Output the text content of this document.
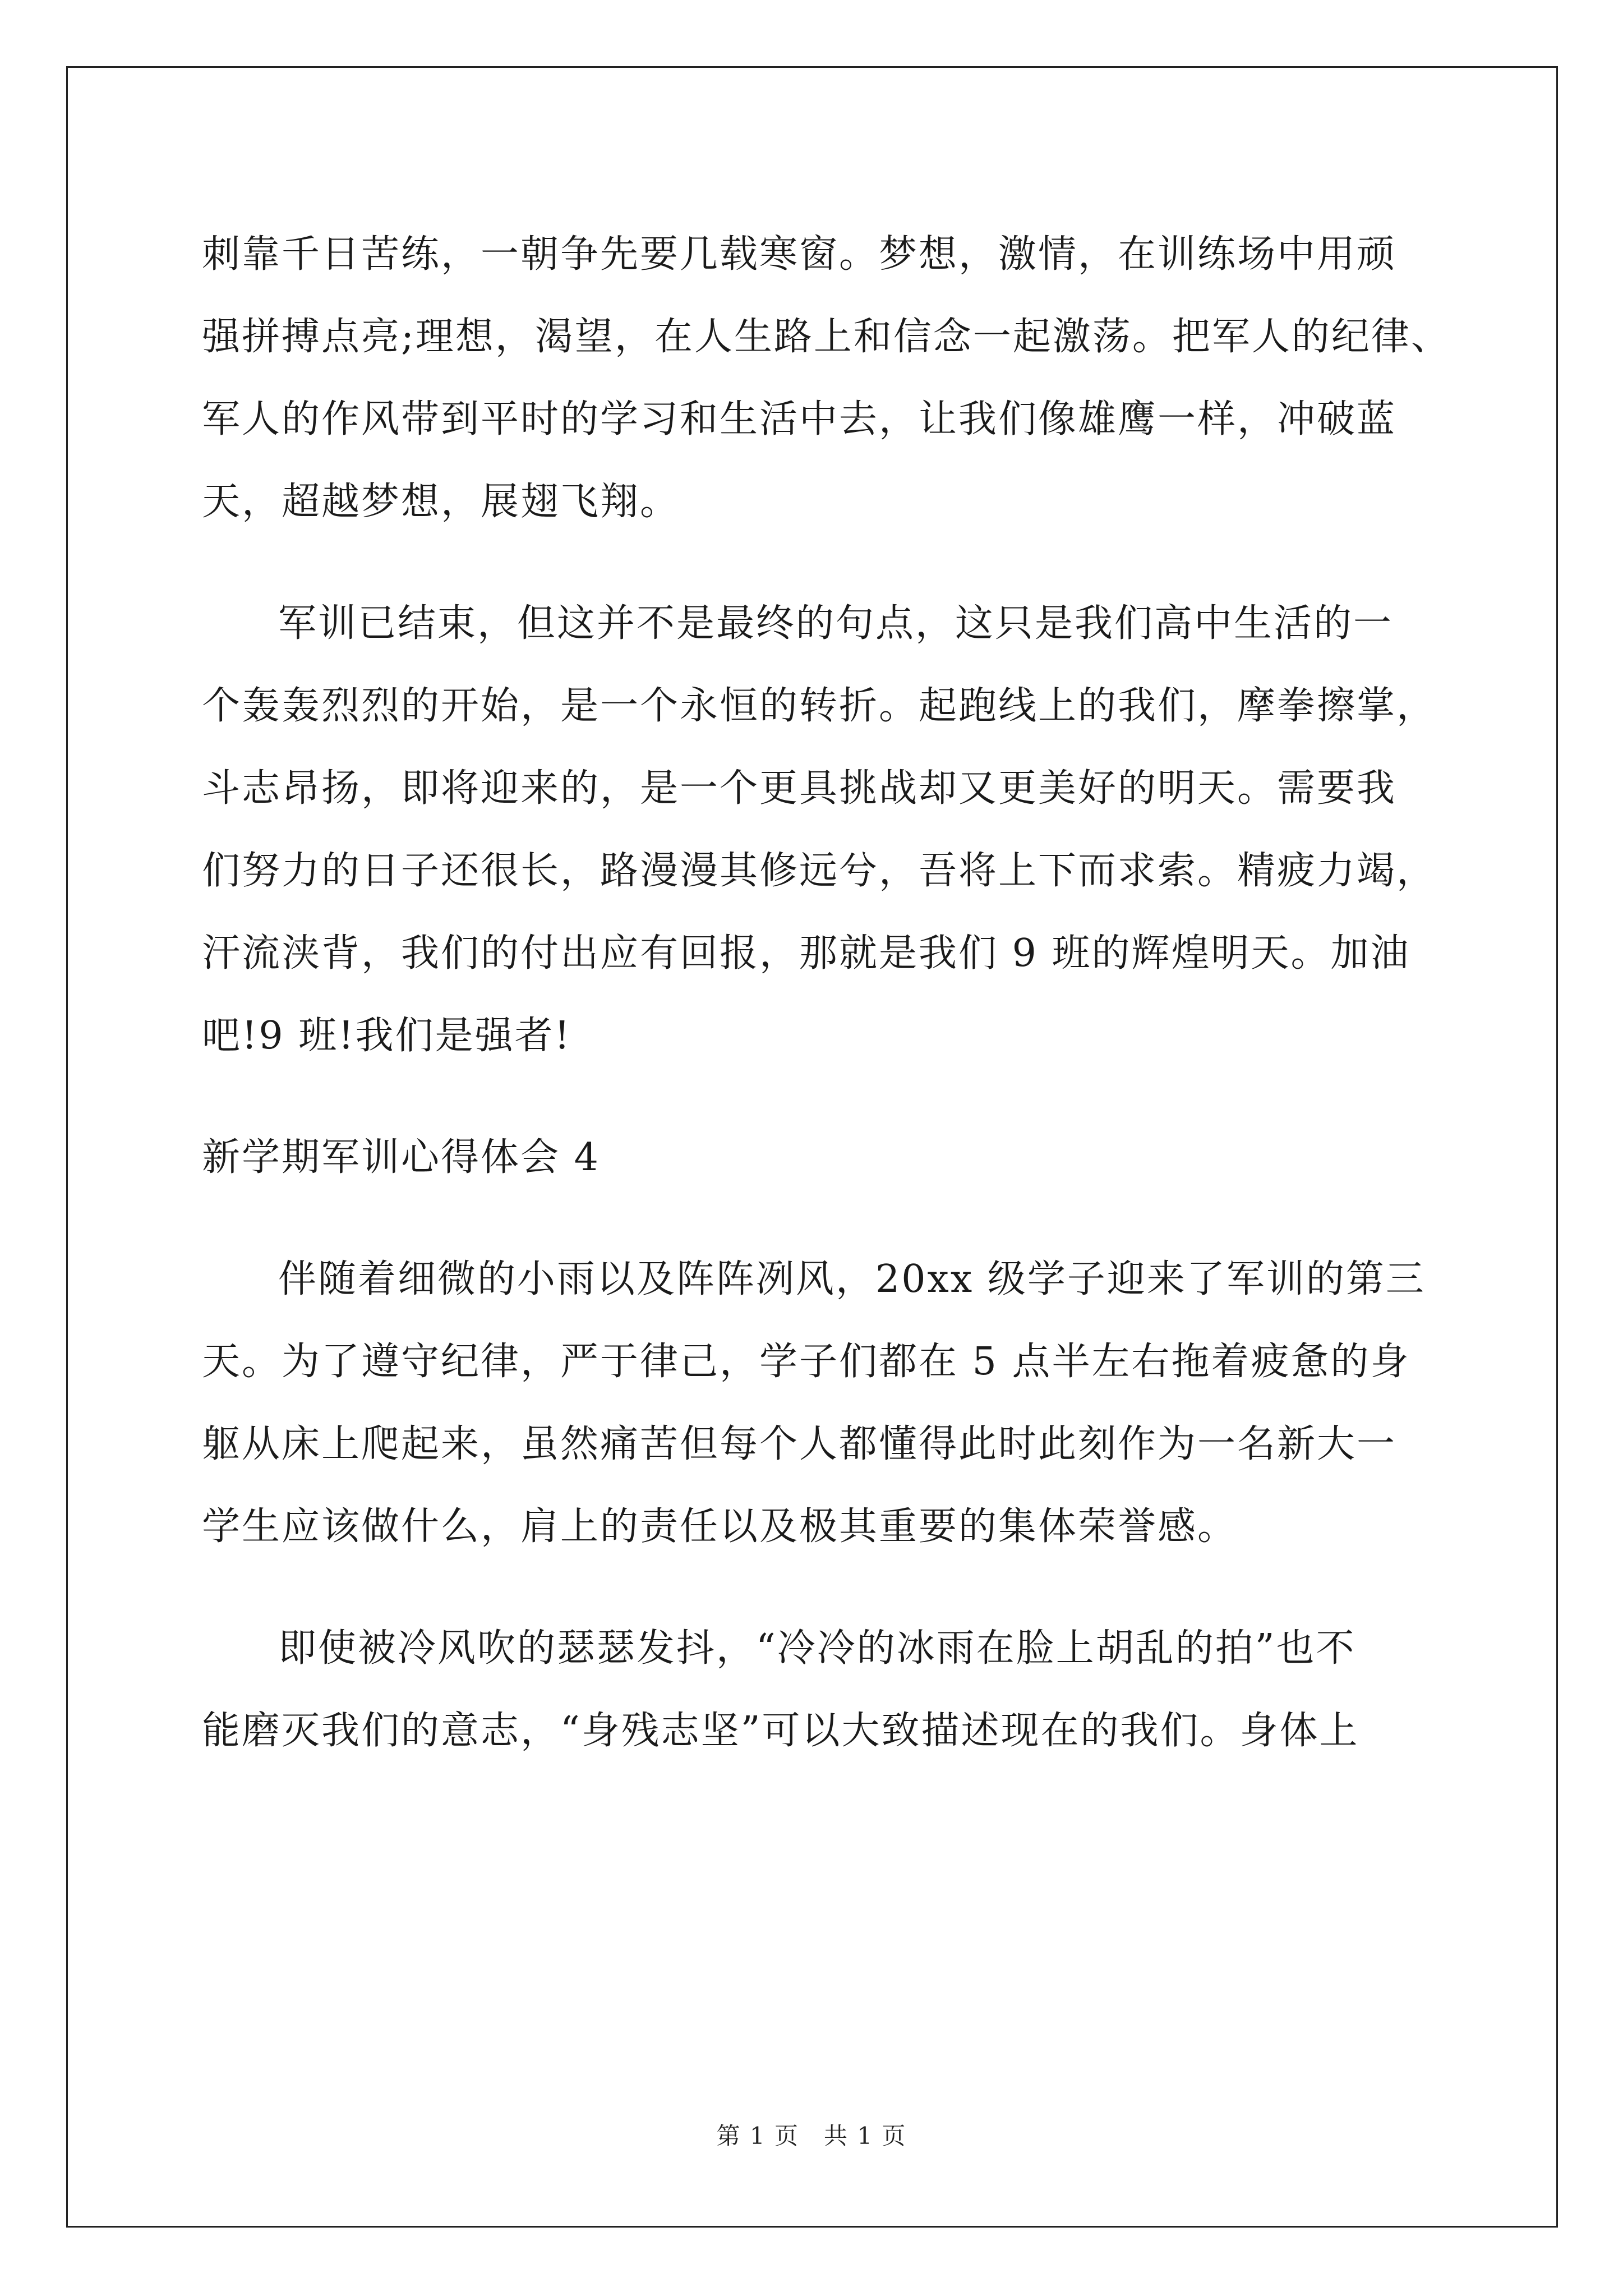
刺靠千日苦练，一朝争先要几载寒窗。梦想，激情，在训练场中用顽
强拼搏点亮;理想，渴望，在人生路上和信念一起激荡。把军人的纪律、
军人的作风带到平时的学习和生活中去，让我们像雄鹰一样，冲破蓝
天，超越梦想，展翅飞翔。
军训已结束，但这并不是最终的句点，这只是我们高中生活的一
个轰轰烈烈的开始，是一个永恒的转折。起跑线上的我们，摩拳擦掌，
斗志昂扬，即将迎来的，是一个更具挑战却又更美好的明天。需要我
们努力的日子还很长，路漫漫其修远兮，吾将上下而求索。精疲力竭，
汗流浃背，我们的付出应有回报，那就是我们 9 班的辉煌明天。加油
吧!9 班!我们是强者!
新学期军训心得体会 4
伴随着细微的小雨以及阵阵冽风，20xx 级学子迎来了军训的第三
天。为了遵守纪律，严于律己，学子们都在 5 点半左右拖着疲惫的身
躯从床上爬起来，虽然痛苦但每个人都懂得此时此刻作为一名新大一
学生应该做什么，肩上的责任以及极其重要的集体荣誉感。
即使被冷风吹的瑟瑟发抖，“冷冷的冰雨在脸上胡乱的拍”也不
能磨灭我们的意志，“身残志坚”可以大致描述现在的我们。身体上
第 1 页　共 1 页
